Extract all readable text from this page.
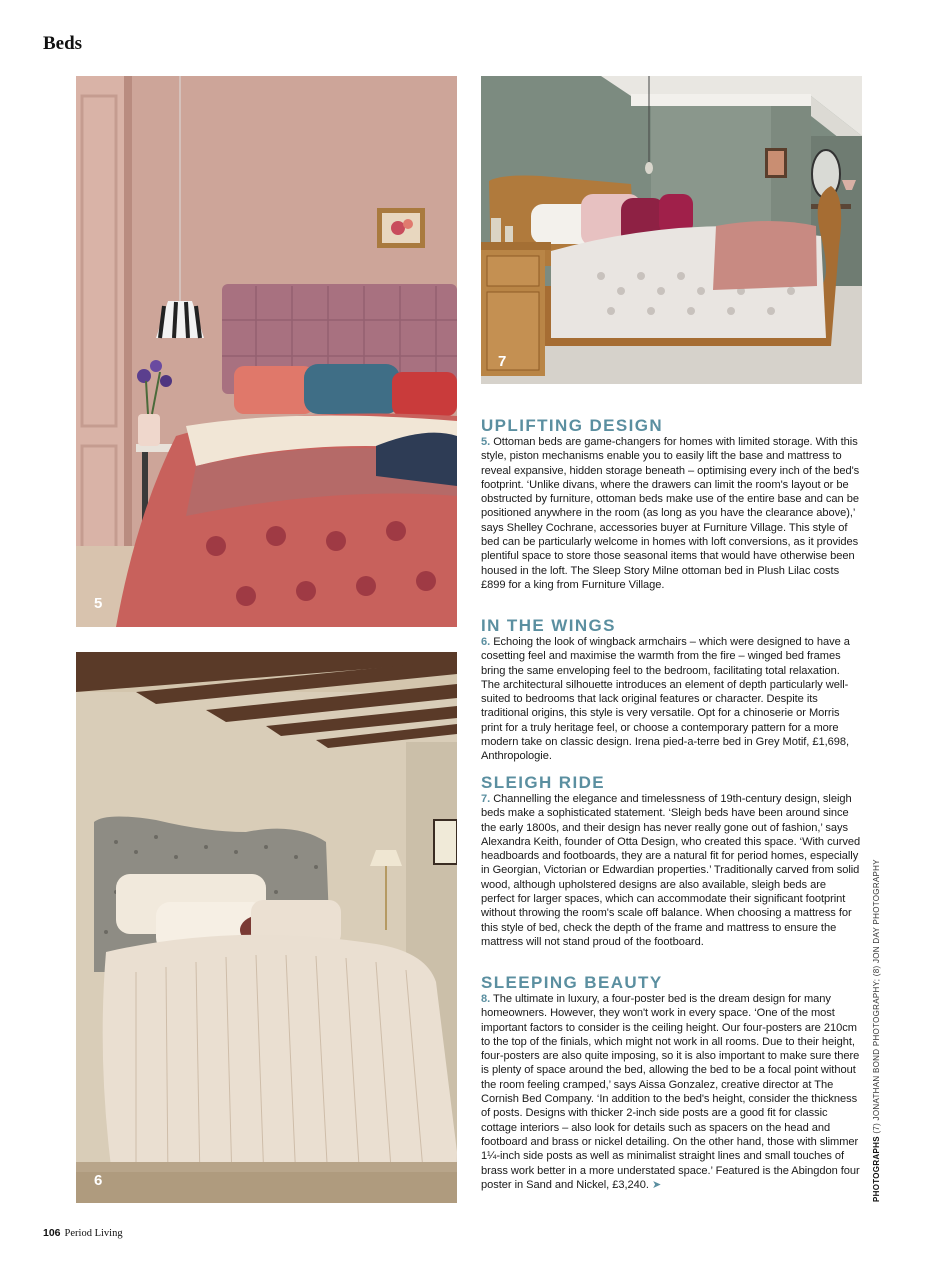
Beds
5
6
7
UPLIFTING DESIGN

5. Ottoman beds are game-changers for homes with limited storage. With this style, piston mechanisms enable you to easily lift the base and mattress to reveal expansive, hidden storage beneath – optimising every inch of the bed's footprint. ‘Unlike divans, where the drawers can limit the room's layout or be obstructed by furniture, ottoman beds make use of the entire base and can be positioned anywhere in the room (as long as you have the clearance above),’ says Shelley Cochrane, accessories buyer at Furniture Village. This style of bed can be particularly welcome in homes with loft conversions, as it provides plentiful space to store those seasonal items that would have otherwise been housed in the loft. The Sleep Story Milne ottoman bed in Plush Lilac costs £899 for a king from Furniture Village.

IN THE WINGS

6. Echoing the look of wingback armchairs – which were designed to have a cosetting feel and maximise the warmth from the fire – winged bed frames bring the same enveloping feel to the bedroom, facilitating total relaxation. The architectural silhouette introduces an element of depth particularly well-suited to bedrooms that lack original features or character. Despite its traditional origins, this style is very versatile. Opt for a chinoserie or Morris print for a truly heritage feel, or choose a contemporary pattern for a more modern take on classic design. Irena pied-a-terre bed in Grey Motif, £1,698, Anthropologie.

SLEIGH RIDE

7. Channelling the elegance and timelessness of 19th-century design, sleigh beds make a sophisticated statement. ‘Sleigh beds have been around since the early 1800s, and their design has never really gone out of fashion,’ says Alexandra Keith, founder of Otta Design, who created this space. ‘With curved headboards and footboards, they are a natural fit for period homes, especially in Georgian, Victorian or Edwardian properties.’ Traditionally carved from solid wood, although upholstered designs are also available, sleigh beds are perfect for larger spaces, which can accommodate their significant footprint without throwing the room's scale off balance. When choosing a mattress for this style of bed, check the depth of the frame and mattress to ensure the mattress will not stand proud of the footboard.

SLEEPING BEAUTY

8. The ultimate in luxury, a four-poster bed is the dream design for many homeowners. However, they won't work in every space. ‘One of the most important factors to consider is the ceiling height. Our four-posters are 210cm to the top of the finials, which might not work in all rooms. Due to their height, four-posters are also quite imposing, so it is also important to make sure there is plenty of space around the bed, allowing the bed to be a focal point without the room feeling cramped,’ says Aissa Gonzalez, creative director at The Cornish Bed Company. ‘In addition to the bed's height, consider the thickness of posts. Designs with thicker 2-inch side posts are a good fit for classic cottage interiors – also look for details such as spacers on the head and footboard and brass or nickel detailing. On the other hand, those with slimmer 1¼-inch side posts as well as minimalist straight lines and small touches of brass work better in a more understated space.’ Featured is the Abingdon four poster in Sand and Nickel, £3,240. ➤	PHOTOGRAPHS (7) JONATHAN BOND PHOTOGRAPHY; (8) JON DAY PHOTOGRAPHY
106 Period Living
